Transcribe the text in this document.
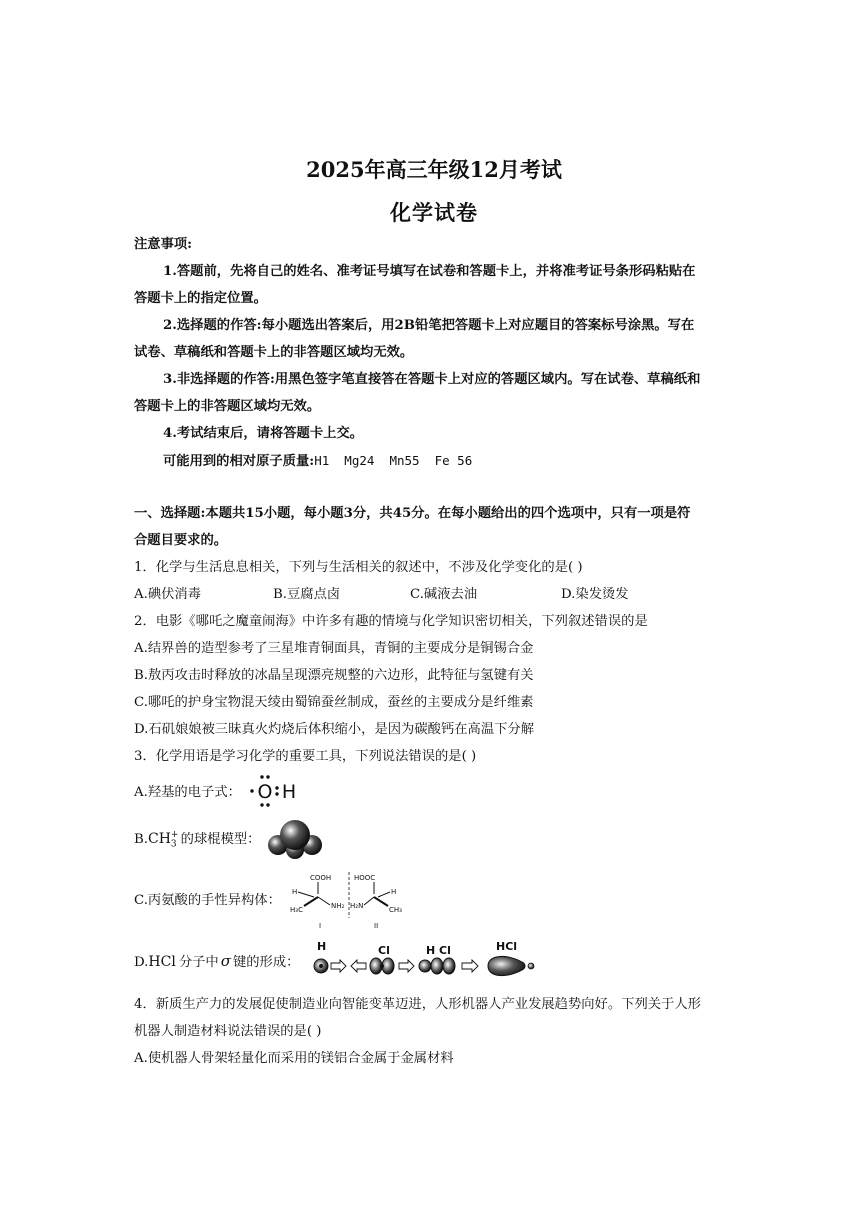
2025年高三年级12月考试
化学试卷
注意事项:
1.答题前，先将自己的姓名、准考证号填写在试卷和答题卡上，并将准考证号条形码粘贴在
答题卡上的指定位置。
2.选择题的作答:每小题选出答案后，用2B铅笔把答题卡上对应题目的答案标号涂黑。写在
试卷、草稿纸和答题卡上的非答题区域均无效。
3.非选择题的作答:用黑色签字笔直接答在答题卡上对应的答题区域内。写在试卷、草稿纸和
答题卡上的非答题区域均无效。
4.考试结束后，请将答题卡上交。
可能用到的相对原子质量:H1  Mg24  Mn55  Fe 56
一、选择题:本题共15小题，每小题3分，共45分。在每小题给出的四个选项中，只有一项是符
合题目要求的。
1．化学与生活息息相关，下列与生活相关的叙述中，不涉及化学变化的是( )
A.碘伏消毒	B.豆腐点卤	C.碱液去油	D.染发烫发
2．电影《哪吒之魔童闹海》中许多有趣的情境与化学知识密切相关，下列叙述错误的是
A.结界兽的造型参考了三星堆青铜面具，青铜的主要成分是铜锡合金
B.敖丙攻击时释放的冰晶呈现漂亮规整的六边形，此特征与氢键有关
C.哪吒的护身宝物混天绫由蜀锦蚕丝制成，蚕丝的主要成分是纤维素
D.石矶娘娘被三昧真火灼烧后体积缩小，是因为碳酸钙在高温下分解
3．化学用语是学习化学的重要工具，下列说法错误的是( )
A.羟基的电子式： O H
$B.CH_3$
+ 的球棍模型：
C.丙氨酸的手性异构体：
COOH
H
H₃C	NH₂
HOOC
H
CH₃
H₂N
I	II
D.HCl 分子中 σ 键的形成：
H	Cl	H Cl	HCl
4．新质生产力的发展促使制造业向智能变革迈进，人形机器人产业发展趋势向好。下列关于人形
机器人制造材料说法错误的是( )
A.使机器人骨架轻量化而采用的镁铝合金属于金属材料
